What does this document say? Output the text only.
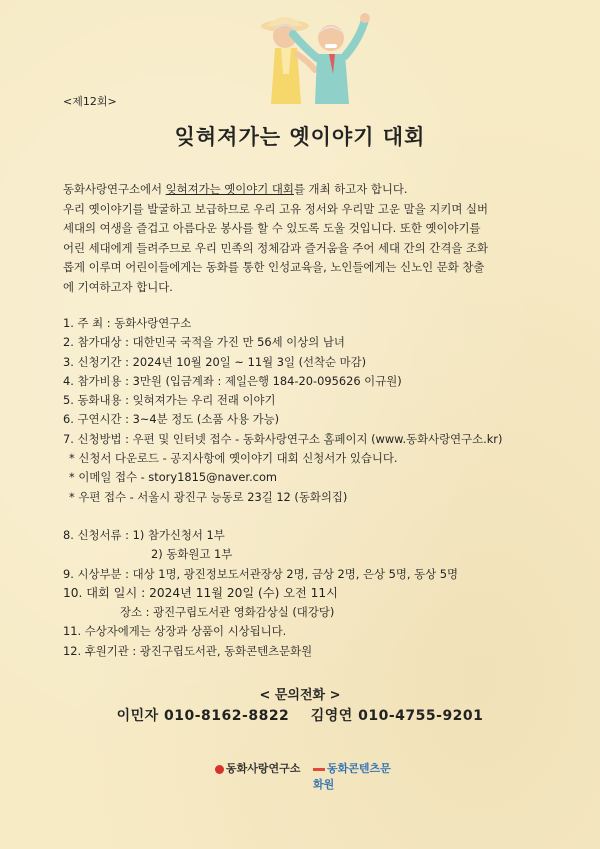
<제12회>
잊혀져가는 옛이야기 대회

동화사랑연구소에서 잊혀져가는 옛이야기 대회를 개최 하고자 합니다.

우리 옛이야기를 발굴하고 보급하므로 우리 고유 정서와 우리말 고운 말을 지키며 실버

세대의 여생을 즐겁고 아름다운 봉사를 할 수 있도록 도울 것입니다. 또한 옛이야기를

어린 세대에게 들려주므로 우리 민족의 정체감과 즐거움을 주어 세대 간의 간격을 조화

롭게 이루며 어린이들에게는 동화를 통한 인성교육을, 노인들에게는 신노인 문화 창출

에 기여하고자 합니다.

1. 주 최 : 동화사랑연구소
2. 참가대상 : 대한민국 국적을 가진 만 56세 이상의 남녀
3. 신청기간 : 2024년 10월 20일 ~ 11월 3일 (선착순 마감)
4. 참가비용 : 3만원 (입금계좌 : 제일은행 184-20-095626 이규원)
5. 동화내용 : 잊혀져가는 우리 전래 이야기
6. 구연시간 : 3~4분 정도 (소품 사용 가능)
7. 신청방법 : 우편 및 인터넷 접수 - 동화사랑연구소 홈페이지 (www.동화사랑연구소.kr)
* 신청서 다운로드 - 공지사항에 옛이야기 대회 신청서가 있습니다.
* 이메일 접수 - story1815@naver.com
* 우편 접수 - 서울시 광진구 능동로 23길 12 (동화의집)
8. 신청서류 : 1) 참가신청서 1부
2) 동화원고 1부
9. 시상부분 : 대상 1명, 광진정보도서관장상 2명, 금상 2명, 은상 5명, 동상 5명
10. 대회 일시 : 2024년 11월 20일 (수) 오전 11시
장소 : 광진구립도서관 영화감상실 (대강당)
11. 수상자에게는 상장과 상품이 시상됩니다.
12. 후원기관 : 광진구립도서관, 동화콘텐츠문화원
< 문의전화 >
이민자 010-8162-8822 김영연 010-4755-9201
동화사랑연구소	동화콘텐츠문화원
